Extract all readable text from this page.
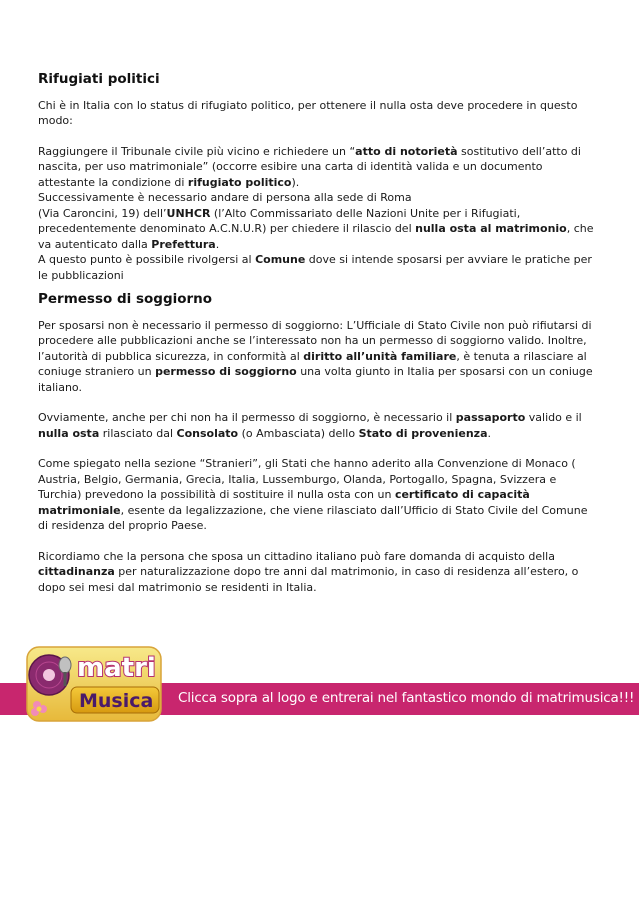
Rifugiati politici

Chi è in Italia con lo status di rifugiato politico, per ottenere il nulla osta deve procedere in questo modo:

Raggiungere il Tribunale civile più vicino e richiedere un “atto di notorietà sostitutivo dell’atto di nascita, per uso matrimoniale” (occorre esibire una carta di identità valida e un documento attestante la condizione di rifugiato politico).
Successivamente è necessario andare di persona alla sede di Roma
(Via Caroncini, 19) dell’UNHCR (l’Alto Commissariato delle Nazioni Unite per i Rifugiati, precedentemente denominato A.C.N.U.R) per chiedere il rilascio del nulla osta al matrimonio, che va autenticato dalla Prefettura.
A questo punto è possibile rivolgersi al Comune dove si intende sposarsi per avviare le pratiche per le pubblicazioni

Permesso di soggiorno

Per sposarsi non è necessario il permesso di soggiorno: L’Ufficiale di Stato Civile non può rifiutarsi di procedere alle pubblicazioni anche se l’interessato non ha un permesso di soggiorno valido. Inoltre, l’autorità di pubblica sicurezza, in conformità al diritto all’unità familiare, è tenuta a rilasciare al coniuge straniero un permesso di soggiorno una volta giunto in Italia per sposarsi con un coniuge italiano.

Ovviamente, anche per chi non ha il permesso di soggiorno, è necessario il passaporto valido e il nulla osta rilasciato dal Consolato (o Ambasciata) dello Stato di provenienza.

Come spiegato nella sezione “Stranieri”, gli Stati che hanno aderito alla Convenzione di Monaco ( Austria, Belgio, Germania, Grecia, Italia, Lussemburgo, Olanda, Portogallo, Spagna, Svizzera e Turchia) prevedono la possibilità di sostituire il nulla osta con un certificato di capacità matrimoniale, esente da legalizzazione, che viene rilasciato dall’Ufficio di Stato Civile del Comune di residenza del proprio Paese.

Ricordiamo che la persona che sposa un cittadino italiano può fare domanda di acquisto della cittadinanza per naturalizzazione dopo tre anni dal matrimonio, in caso di residenza all’estero, o dopo sei mesi dal matrimonio se residenti in Italia.

Clicca sopra al logo e entrerai nel fantastico mondo di matrimusica!!!
matri
Musica
